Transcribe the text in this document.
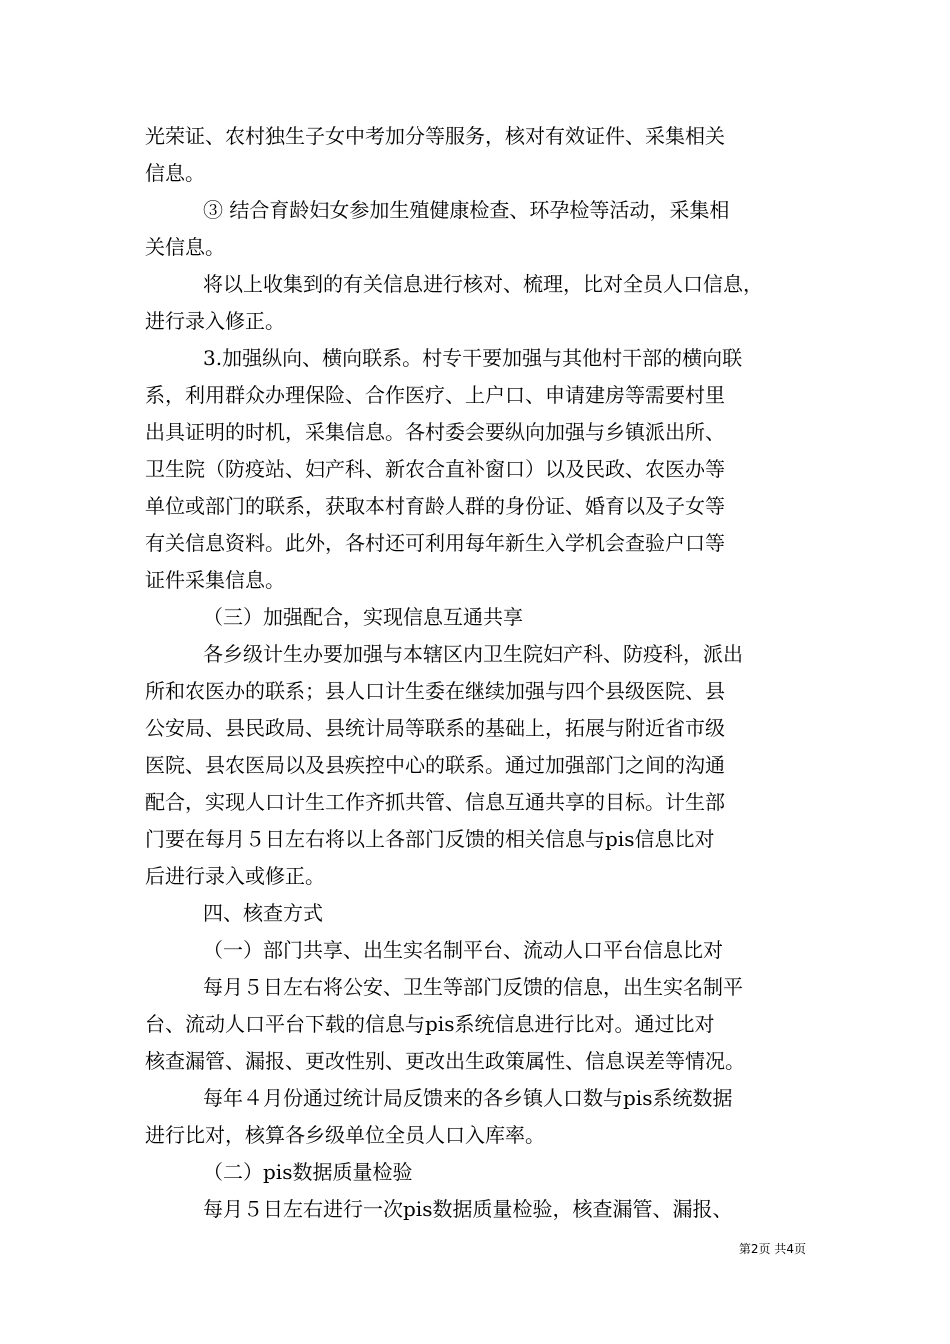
光荣证、农村独生子女中考加分等服务，核对有效证件、采集相关
信息。
③ 结合育龄妇女参加生殖健康检查、环孕检等活动，采集相
关信息。
将以上收集到的有关信息进行核对、梳理，比对全员人口信息，
进行录入修正。
3.加强纵向、横向联系。村专干要加强与其他村干部的横向联
系，利用群众办理保险、合作医疗、上户口、申请建房等需要村里
出具证明的时机，采集信息。各村委会要纵向加强与乡镇派出所、
卫生院（防疫站、妇产科、新农合直补窗口）以及民政、农医办等
单位或部门的联系，获取本村育龄人群的身份证、婚育以及子女等
有关信息资料。此外，各村还可利用每年新生入学机会查验户口等
证件采集信息。
（三）加强配合，实现信息互通共享
各乡级计生办要加强与本辖区内卫生院妇产科、防疫科，派出
所和农医办的联系；县人口计生委在继续加强与四个县级医院、县
公安局、县民政局、县统计局等联系的基础上，拓展与附近省市级
医院、县农医局以及县疾控中心的联系。通过加强部门之间的沟通
配合，实现人口计生工作齐抓共管、信息互通共享的目标。计生部
门要在每月５日左右将以上各部门反馈的相关信息与pis信息比对
后进行录入或修正。
四、核查方式
（一）部门共享、出生实名制平台、流动人口平台信息比对
每月５日左右将公安、卫生等部门反馈的信息，出生实名制平
台、流动人口平台下载的信息与pis系统信息进行比对。通过比对
核查漏管、漏报、更改性别、更改出生政策属性、信息误差等情况。
每年４月份通过统计局反馈来的各乡镇人口数与pis系统数据
进行比对，核算各乡级单位全员人口入库率。
（二）pis数据质量检验
每月５日左右进行一次pis数据质量检验，核查漏管、漏报、
第2页 共4页
